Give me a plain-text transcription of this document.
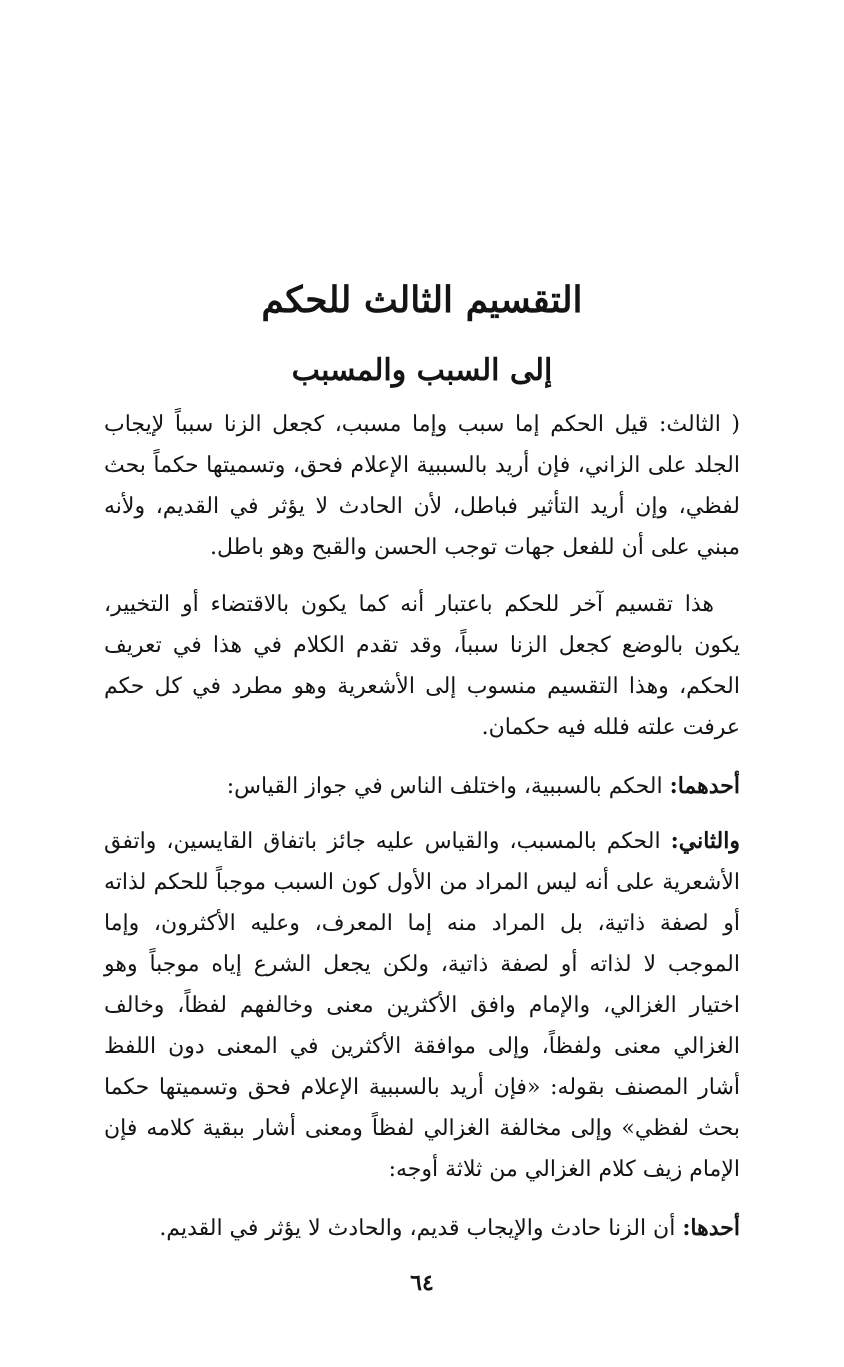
التقسيم الثالث للحكم
إلى السبب والمسبب

( الثالث: قيل الحكم إما سبب وإما مسبب، كجعل الزنا سبباً لإيجاب الجلد على الزاني، فإن أريد بالسببية الإعلام فحق، وتسميتها حكماً بحث لفظي، وإن أريد التأثير فباطل، لأن الحادث لا يؤثر في القديم، ولأنه مبني على أن للفعل جهات توجب الحسن والقبح وهو باطل.

هذا تقسيم آخر للحكم باعتبار أنه كما يكون بالاقتضاء أو التخيير، يكون بالوضع كجعل الزنا سبباً، وقد تقدم الكلام في هذا في تعريف الحكم، وهذا التقسيم منسوب إلى الأشعرية وهو مطرد في كل حكم عرفت علته فلله فيه حكمان.

أحدهما: الحكم بالسببية، واختلف الناس في جواز القياس:

والثاني: الحكم بالمسبب، والقياس عليه جائز باتفاق القايسين، واتفق الأشعرية على أنه ليس المراد من الأول كون السبب موجباً للحكم لذاته أو لصفة ذاتية، بل المراد منه إما المعرف، وعليه الأكثرون، وإما الموجب لا لذاته أو لصفة ذاتية، ولكن يجعل الشرع إياه موجباً وهو اختيار الغزالي، والإمام وافق الأكثرين معنى وخالفهم لفظاً، وخالف الغزالي معنى ولفظاً، وإلى موافقة الأكثرين في المعنى دون اللفظ أشار المصنف بقوله: «فإن أريد بالسببية الإعلام فحق وتسميتها حكما بحث لفظي» وإلى مخالفة الغزالي لفظاً ومعنى أشار ببقية كلامه فإن الإمام زيف كلام الغزالي من ثلاثة أوجه:

أحدها: أن الزنا حادث والإيجاب قديم، والحادث لا يؤثر في القديم.

٦٤
